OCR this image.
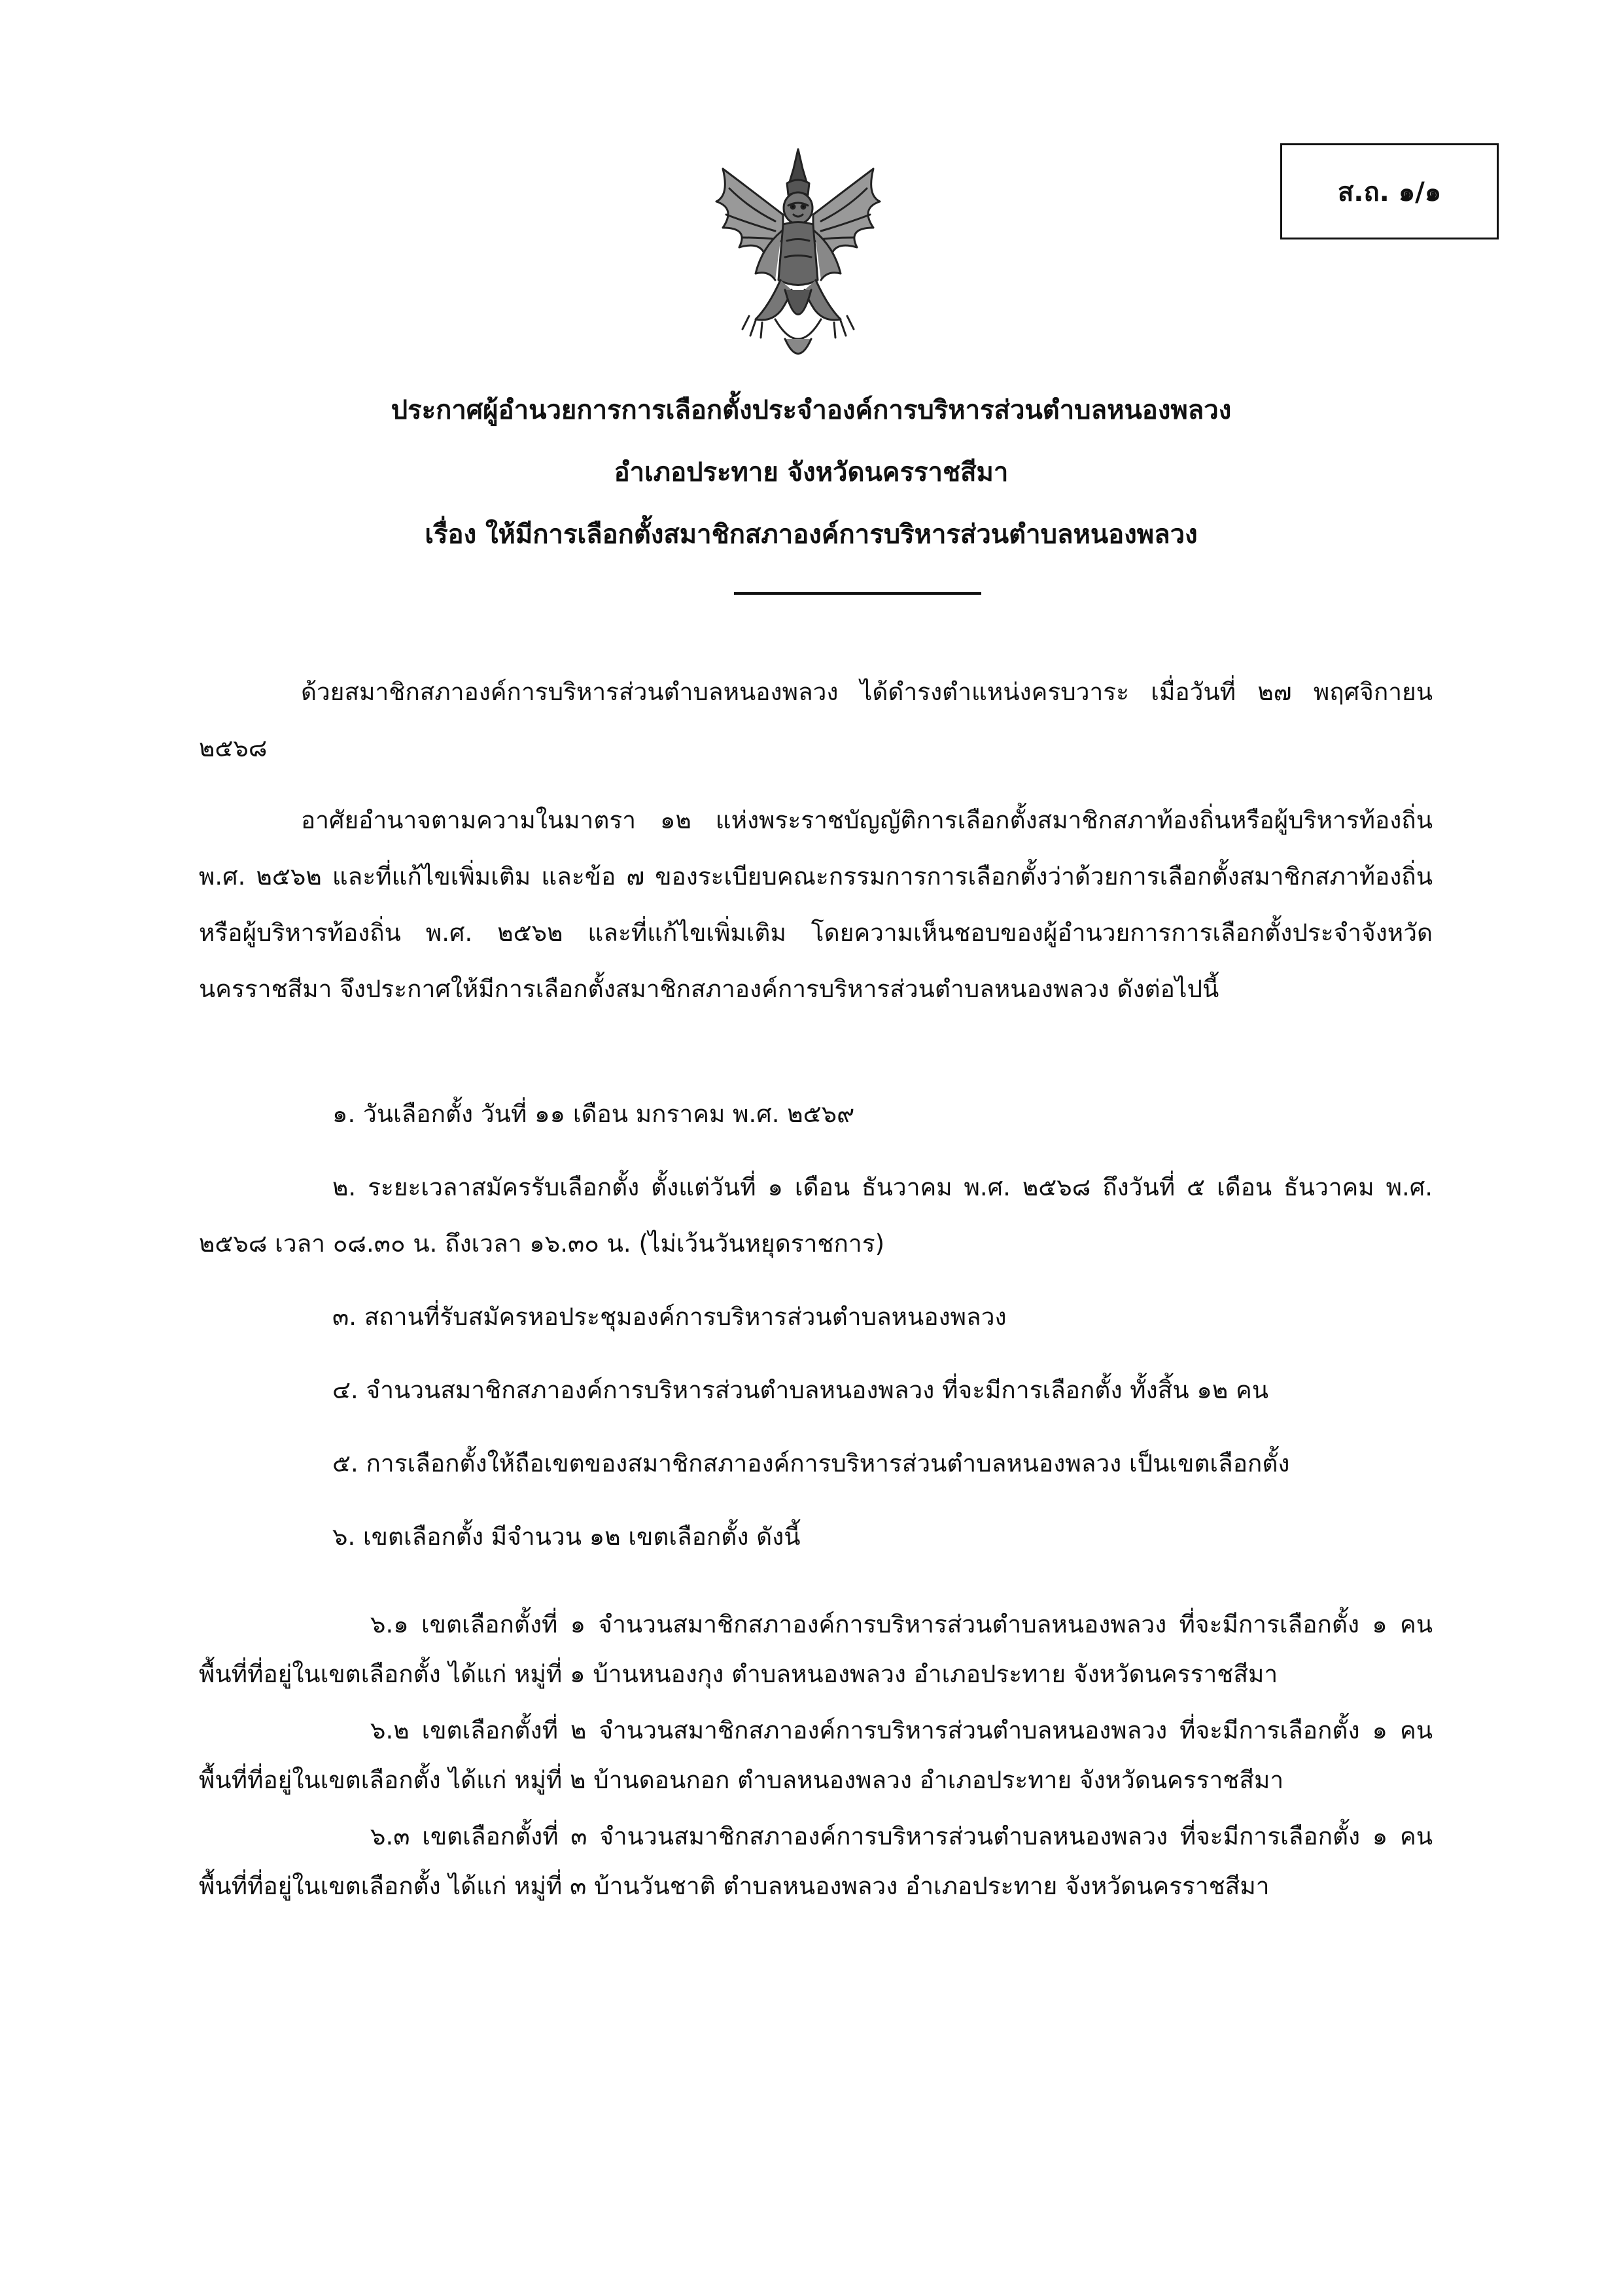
ส.ถ. ๑/๑
ประกาศผู้อำนวยการการเลือกตั้งประจำองค์การบริหารส่วนตำบลหนองพลวง
อำเภอประทาย จังหวัดนครราชสีมา
เรื่อง ให้มีการเลือกตั้งสมาชิกสภาองค์การบริหารส่วนตำบลหนองพลวง

ด้วยสมาชิกสภาองค์การบริหารส่วนตำบลหนองพลวง ได้ดำรงตำแหน่งครบวาระ เมื่อวันที่ ๒๗ พฤศจิกายน ๒๕๖๘

อาศัยอำนาจตามความในมาตรา ๑๒ แห่งพระราชบัญญัติการเลือกตั้งสมาชิกสภาท้องถิ่นหรือผู้บริหารท้องถิ่น พ.ศ. ๒๕๖๒ และที่แก้ไขเพิ่มเติม และข้อ ๗ ของระเบียบคณะกรรมการการเลือกตั้งว่าด้วยการเลือกตั้งสมาชิกสภาท้องถิ่นหรือผู้บริหารท้องถิ่น พ.ศ. ๒๕๖๒ และที่แก้ไขเพิ่มเติม โดยความเห็นชอบของผู้อำนวยการการเลือกตั้งประจำจังหวัดนครราชสีมา จึงประกาศให้มีการเลือกตั้งสมาชิกสภาองค์การบริหารส่วนตำบลหนองพลวง ดังต่อไปนี้

๑. วันเลือกตั้ง วันที่ ๑๑ เดือน มกราคม พ.ศ. ๒๕๖๙

๒. ระยะเวลาสมัครรับเลือกตั้ง ตั้งแต่วันที่ ๑ เดือน ธันวาคม พ.ศ. ๒๕๖๘ ถึงวันที่ ๕ เดือน ธันวาคม พ.ศ. ๒๕๖๘ เวลา ๐๘.๓๐ น. ถึงเวลา ๑๖.๓๐ น. (ไม่เว้นวันหยุดราชการ)

๓. สถานที่รับสมัครหอประชุมองค์การบริหารส่วนตำบลหนองพลวง

๔. จำนวนสมาชิกสภาองค์การบริหารส่วนตำบลหนองพลวง ที่จะมีการเลือกตั้ง ทั้งสิ้น ๑๒ คน

๕. การเลือกตั้งให้ถือเขตของสมาชิกสภาองค์การบริหารส่วนตำบลหนองพลวง เป็นเขตเลือกตั้ง

๖. เขตเลือกตั้ง มีจำนวน ๑๒ เขตเลือกตั้ง ดังนี้

๖.๑ เขตเลือกตั้งที่ ๑ จำนวนสมาชิกสภาองค์การบริหารส่วนตำบลหนองพลวง ที่จะมีการเลือกตั้ง ๑ คน พื้นที่ที่อยู่ในเขตเลือกตั้ง ได้แก่ หมู่ที่ ๑ บ้านหนองกุง ตำบลหนองพลวง อำเภอประทาย จังหวัดนครราชสีมา

๖.๒ เขตเลือกตั้งที่ ๒ จำนวนสมาชิกสภาองค์การบริหารส่วนตำบลหนองพลวง ที่จะมีการเลือกตั้ง ๑ คน พื้นที่ที่อยู่ในเขตเลือกตั้ง ได้แก่ หมู่ที่ ๒ บ้านดอนกอก ตำบลหนองพลวง อำเภอประทาย จังหวัดนครราชสีมา

๖.๓ เขตเลือกตั้งที่ ๓ จำนวนสมาชิกสภาองค์การบริหารส่วนตำบลหนองพลวง ที่จะมีการเลือกตั้ง ๑ คน พื้นที่ที่อยู่ในเขตเลือกตั้ง ได้แก่ หมู่ที่ ๓ บ้านวันชาติ ตำบลหนองพลวง อำเภอประทาย จังหวัดนครราชสีมา
